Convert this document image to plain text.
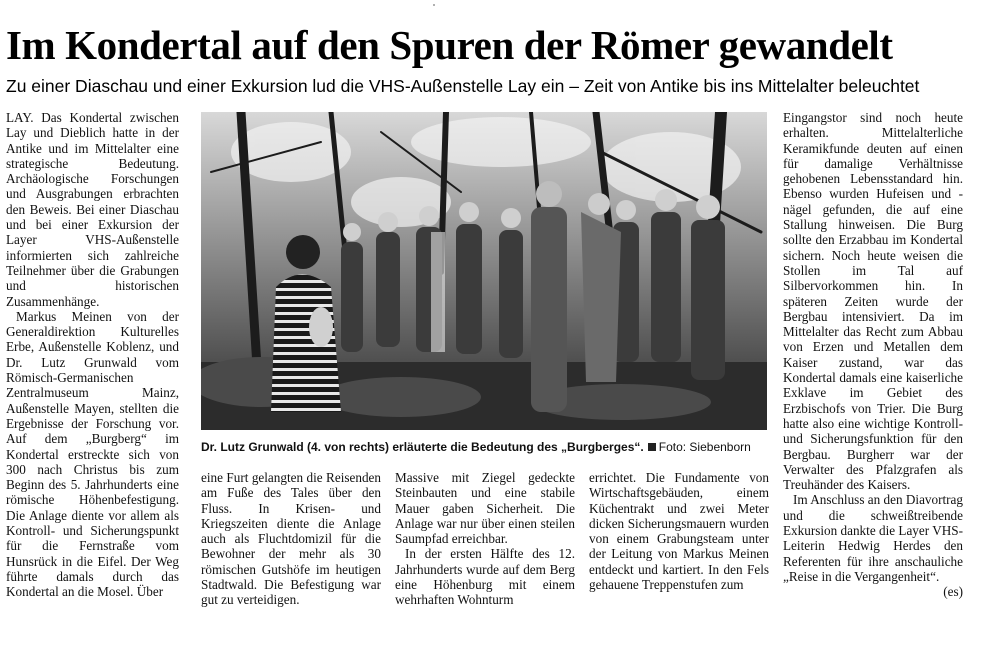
Im Kondertal auf den Spuren der Römer gewandelt
Zu einer Diaschau und einer Exkursion lud die VHS-Außenstelle Lay ein – Zeit von Antike bis ins Mittelalter beleuchtet

LAY. Das Kondertal zwischen Lay und Dieblich hatte in der Antike und im Mittelalter eine strategische Bedeutung. Archäologische Forschungen und Ausgrabungen erbrachten den Beweis. Bei einer Diaschau und bei einer Exkursion der Layer VHS-Außenstelle informierten sich zahlreiche Teilnehmer über die Grabungen und historischen Zusammenhänge.

Markus Meinen von der Generaldirektion Kulturelles Erbe, Außenstelle Koblenz, und Dr. Lutz Grunwald vom Römisch-Germanischen Zentralmuseum Mainz, Außenstelle Mayen, stellten die Ergebnisse der Forschung vor. Auf dem „Burgberg“ im Kondertal erstreckte sich von 300 nach Christus bis zum Beginn des 5. Jahrhunderts eine römische Höhenbefestigung. Die Anlage diente vor allem als Kontroll- und Sicherungspunkt für die Fernstraße vom Hunsrück in die Eifel. Der Weg führte damals durch das Kondertal an die Mosel. Über

Dr. Lutz Grunwald (4. von rechts) erläuterte die Bedeutung des „Burgberges“. Foto: Siebenborn

eine Furt gelangten die Reisenden am Fuße des Tales über den Fluss. In Krisen- und Kriegszeiten diente die Anlage auch als Fluchtdomizil für die Bewohner der mehr als 30 römischen Gutshöfe im heutigen Stadtwald. Die Befestigung war gut zu verteidigen.

Massive mit Ziegel gedeckte Steinbauten und eine stabile Mauer gaben Sicherheit. Die Anlage war nur über einen steilen Saumpfad erreichbar.

In der ersten Hälfte des 12. Jahrhunderts wurde auf dem Berg eine Höhenburg mit einem wehrhaften Wohnturm

errichtet. Die Fundamente von Wirtschaftsgebäuden, einem Küchentrakt und zwei Meter dicken Sicherungsmauern wurden von einem Grabungsteam unter der Leitung von Markus Meinen entdeckt und kartiert. In den Fels gehauene Treppenstufen zum

Eingangstor sind noch heute erhalten. Mittelalterliche Keramikfunde deuten auf einen für damalige Verhältnisse gehobenen Lebensstandard hin. Ebenso wurden Hufeisen und -nägel gefunden, die auf eine Stallung hinweisen. Die Burg sollte den Erzabbau im Kondertal sichern. Noch heute weisen die Stollen im Tal auf Silbervorkommen hin. In späteren Zeiten wurde der Bergbau intensiviert. Da im Mittelalter das Recht zum Abbau von Erzen und Metallen dem Kaiser zustand, war das Kondertal damals eine kaiserliche Exklave im Gebiet des Erzbischofs von Trier. Die Burg hatte also eine wichtige Kontroll- und Sicherungsfunktion für den Bergbau. Burgherr war der Verwalter des Pfalzgrafen als Treuhänder des Kaisers.

Im Anschluss an den Diavortrag und die schweißtreibende Exkursion dankte die Layer VHS-Leiterin Hedwig Herdes den Referenten für ihre anschauliche „Reise in die Vergangenheit“.
(es)
